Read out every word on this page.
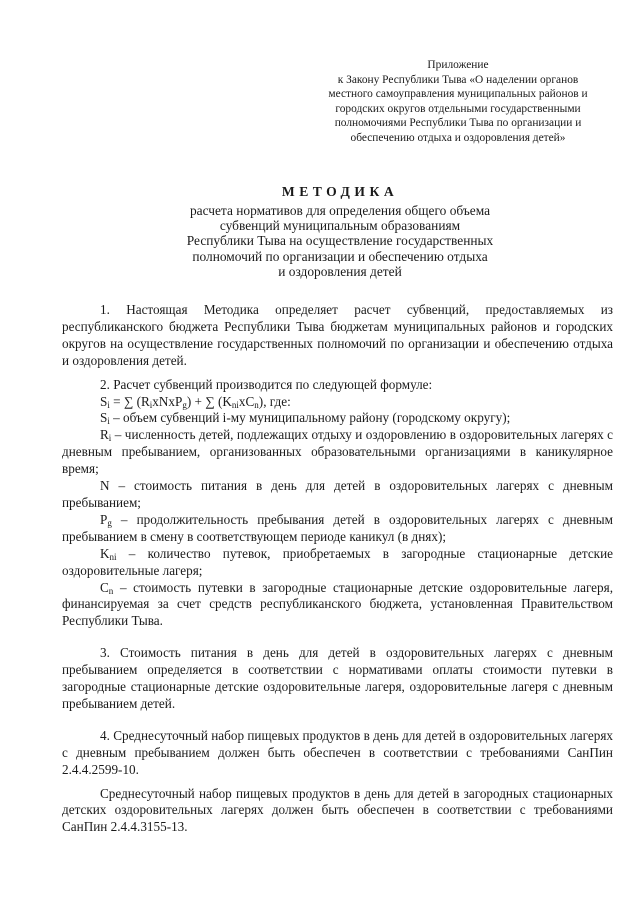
Приложение
к Закону Республики Тыва «О наделении органов
местного самоуправления муниципальных районов и
городских округов отдельными государственными
полномочиями Республики Тыва по организации и
обеспечению отдыха и оздоровления детей»
МЕТОДИКА
расчета нормативов для определения общего объема
субвенций муниципальным образованиям
Республики Тыва на осуществление государственных
полномочий по организации и обеспечению отдыха
и оздоровления детей

1. Настоящая Методика определяет расчет субвенций, предоставляемых из республиканского бюджета Республики Тыва бюджетам муниципальных районов и городских округов на осуществление государственных полномочий по организации и обеспечению отдыха и оздоровления детей.

2. Расчет субвенций производится по следующей формуле:

$S_i$ = ∑ $(R_ixNxP_g)$ + ∑ $(K_{ni}xC_n)$, где:

$S_i$ – объем субвенций i-му муниципальному району (городскому округу);

$R_i$ – численность детей, подлежащих отдыху и оздоровлению в оздоровительных лагерях с дневным пребыванием, организованных образовательными организациями в каникулярное время;

N – стоимость питания в день для детей в оздоровительных лагерях с дневным пребыванием;

$P_g$ – продолжительность пребывания детей в оздоровительных лагерях с дневным пребыванием в смену в соответствующем периоде каникул (в днях);

$K_{ni}$ – количество путевок, приобретаемых в загородные стационарные детские оздоровительные лагеря;

$C_n$ – стоимость путевки в загородные стационарные детские оздоровительные лагеря, финансируемая за счет средств республиканского бюджета, установленная Правительством Республики Тыва.

3. Стоимость питания в день для детей в оздоровительных лагерях с дневным пребыванием определяется в соответствии с нормативами оплаты стоимости путевки в загородные стационарные детские оздоровительные лагеря, оздоровительные лагеря с дневным пребыванием детей.

4. Среднесуточный набор пищевых продуктов в день для детей в оздоровительных лагерях с дневным пребыванием должен быть обеспечен в соответствии с требованиями СанПин 2.4.4.2599-10.

Среднесуточный набор пищевых продуктов в день для детей в загородных стационарных детских оздоровительных лагерях должен быть обеспечен в соответствии с требованиями СанПин 2.4.4.3155-13.
